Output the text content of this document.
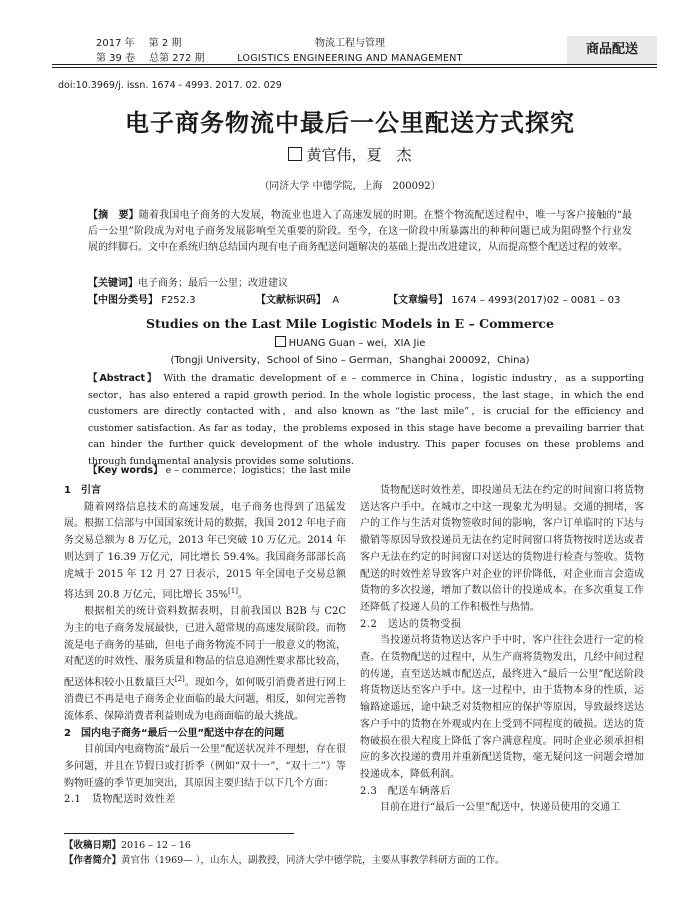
2017 年 第 2 期
第 39 卷 总第 272 期
物流工程与管理
LOGISTICS ENGINEERING AND MANAGEMENT
商品配送
doi:10.3969/j. issn. 1674 - 4993. 2017. 02. 029
电子商务物流中最后一公里配送方式探究
黄官伟，夏　杰
（同济大学 中德学院，上海　200092）
【摘　要】随着我国电子商务的大发展，物流业也进入了高速发展的时期。在整个物流配送过程中，唯一与客户接触的“最后一公里”阶段成为对电子商务发展影响至关重要的阶段。至今，在这一阶段中所暴露出的种种问题已成为阻碍整个行业发展的绊脚石。文中在系统归纳总结国内现有电子商务配送问题解决的基础上提出改进建议，从而提高整个配送过程的效率。
【关键词】电子商务；最后一公里；改进建议
【中图分类号】 F252.3	【文献标识码】 A	【文章编号】 1674 – 4993(2017)02 – 0081 – 03
Studies on the Last Mile Logistic Models in E – Commerce
HUANG Guan – wei，XIA Jie
(Tongji University，School of Sino – German，Shanghai 200092，China)
【Abstract】 With the dramatic development of e – commerce in China，logistic industry，as a supporting sector，has also entered a rapid growth period. In the whole logistic process，the last stage，in which the end customers are directly contacted with，and also known as “the last mile”，is crucial for the efficiency and customer satisfaction. As far as today，the problems exposed in this stage have become a prevailing barrier that can hinder the further quick development of the whole industry. This paper focuses on these problems and through fundamental analysis provides some solutions.
【Key words】 e – commerce；logistics；the last mile
1　引言

随着网络信息技术的高速发展，电子商务也得到了迅猛发展。根据工信部与中国国家统计局的数据，我国 2012 年电子商务交易总额为 8 万亿元，2013 年已突破 10 万亿元。2014 年则达到了 16.39 万亿元，同比增长 59.4%。我国商务部部长高虎城于 2015 年 12 月 27 日表示，2015 年全国电子交易总额将达到 20.8 万亿元，同比增长 35%[1]。

根据相关的统计资料数据表明，目前我国以 B2B 与 C2C 为主的电子商务发展最快，已进入超常规的高速发展阶段。而物流是电子商务的基础，但电子商务物流不同于一般意义的物流，对配送的时效性、服务质量和物品的信息追溯性要求都比较高，配送体积较小且数量巨大[2]。现如今，如何吸引消费者进行网上消费已不再是电子商务企业面临的最大问题，相反，如何完善物流体系、保障消费者利益则成为电商面临的最大挑战。

2　国内电子商务“最后一公里”配送中存在的问题

目前国内电商物流“最后一公里”配送状况并不理想，存在很多问题，并且在节假日或打折季（例如“双十一”，“双十二”）等购物旺盛的季节更加突出，其原因主要归结于以下几个方面：

2.1　货物配送时效性差

货物配送时效性差，即投递员无法在约定的时间窗口将货物送达客户手中。在城市之中这一现象尤为明显。交通的拥堵，客户的工作与生活对货物签收时间的影响，客户订单临时的下达与撤销等原因导致投递员无法在约定时间窗口将货物按时送达或者客户无法在约定的时间窗口对送达的货物进行检查与签收。货物配送的时效性差导致客户对企业的评价降低，对企业而言会造成货物的多次投递，增加了数以倍计的投递成本。在多次重复工作还降低了投递人员的工作积极性与热情。

2.2　送达的货物受损

当投递员将货物送达客户手中时，客户往往会进行一定的检查。在货物配送的过程中，从生产商将货物发出，几经中间过程的传递，直至送达城市配送点，最终进入“最后一公里”配送阶段将货物送达至客户手中。这一过程中，由于货物本身的性质，运输路途遥远，途中缺乏对货物相应的保护等原因，导致最终送达客户手中的货物在外观或内在上受到不同程度的破损。送达的货物破损在很大程度上降低了客户满意程度。同时企业必须承担相应的多次投递的费用并重新配送货物，毫无疑问这一问题会增加投递成本，降低利润。

2.3　配送车辆落后

目前在进行“最后一公里”配送中，快递员使用的交通工

【收稿日期】2016 – 12 – 16
【作者简介】黄官伟（1969— ），山东人，副教授，同济大学中德学院，主要从事教学科研方面的工作。
